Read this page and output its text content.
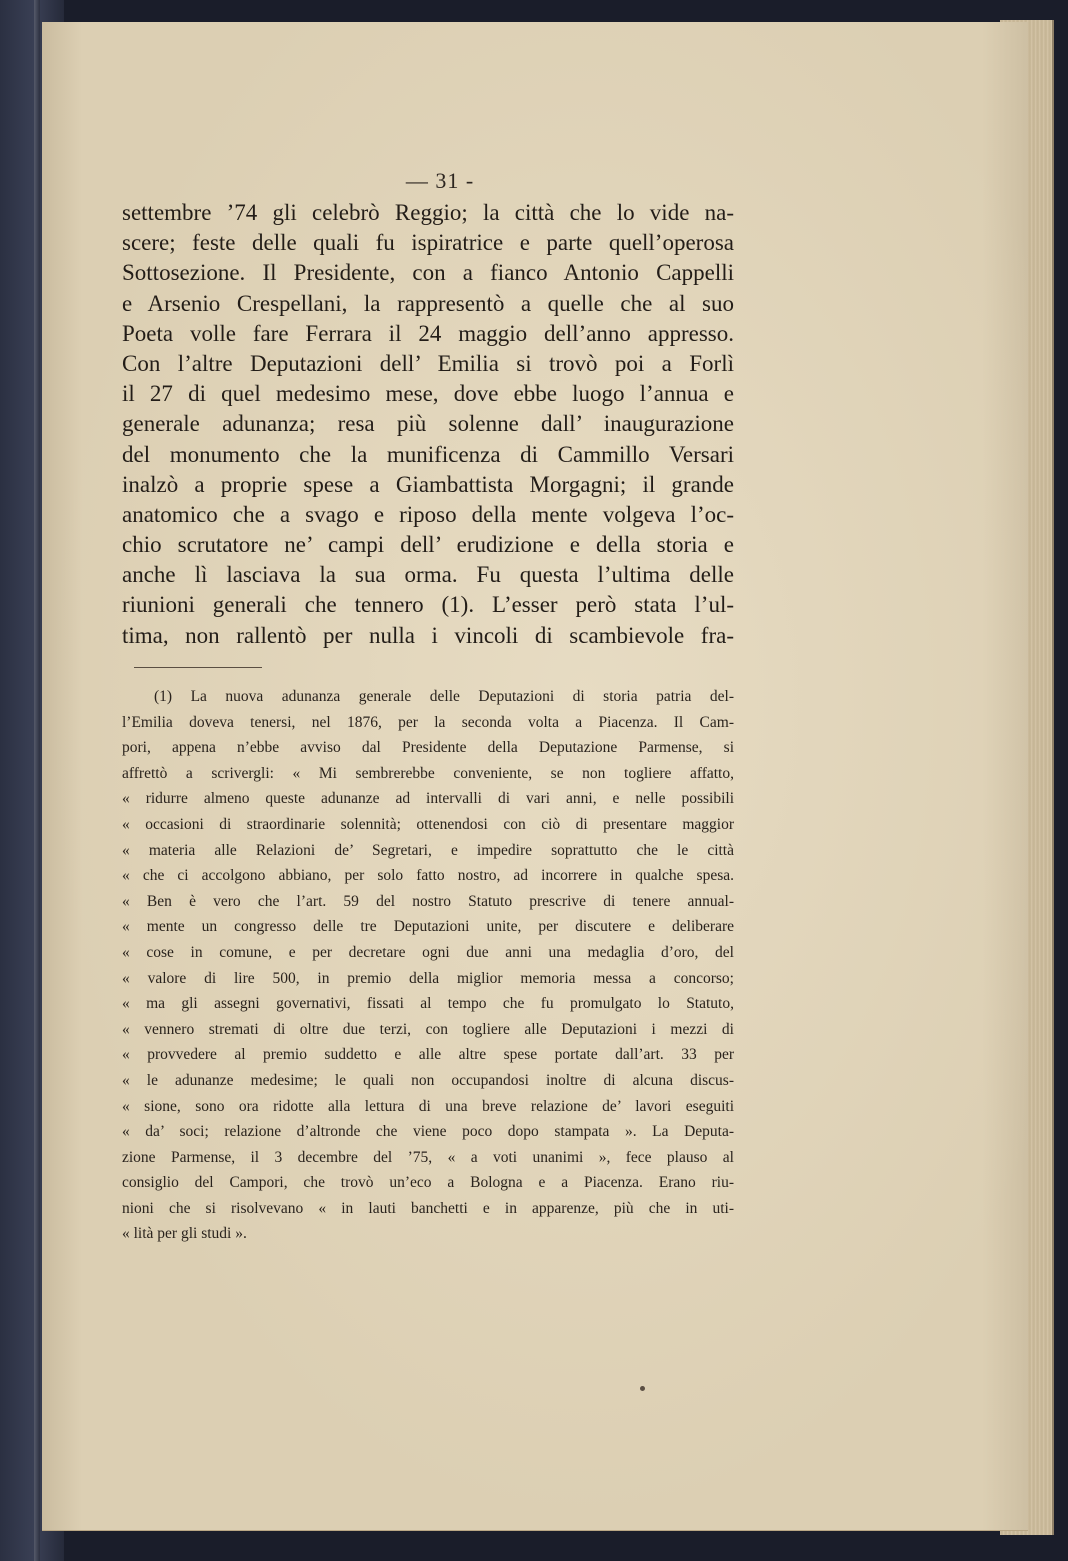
— 31 -
settembre ’74 gli celebrò Reggio; la città che lo vide na-
scere; feste delle quali fu ispiratrice e parte quell’operosa
Sottosezione. Il Presidente, con a fianco Antonio Cappelli
e Arsenio Crespellani, la rappresentò a quelle che al suo
Poeta volle fare Ferrara il 24 maggio dell’anno appresso.
Con l’altre Deputazioni dell’ Emilia si trovò poi a Forlì
il 27 di quel medesimo mese, dove ebbe luogo l’annua e
generale adunanza; resa più solenne dall’ inaugurazione
del monumento che la munificenza di Cammillo Versari
inalzò a proprie spese a Giambattista Morgagni; il grande
anatomico che a svago e riposo della mente volgeva l’oc-
chio scrutatore ne’ campi dell’ erudizione e della storia e
anche lì lasciava la sua orma. Fu questa l’ultima delle
riunioni generali che tennero (1). L’esser però stata l’ul-
tima, non rallentò per nulla i vincoli di scambievole fra-
(1) La nuova adunanza generale delle Deputazioni di storia patria del-
l’Emilia doveva tenersi, nel 1876, per la seconda volta a Piacenza. Il Cam-
pori, appena n’ebbe avviso dal Presidente della Deputazione Parmense, si
affrettò a scrivergli: « Mi sembrerebbe conveniente, se non togliere affatto,
« ridurre almeno queste adunanze ad intervalli di vari anni, e nelle possibili
« occasioni di straordinarie solennità; ottenendosi con ciò di presentare maggior
« materia alle Relazioni de’ Segretari, e impedire soprattutto che le città
« che ci accolgono abbiano, per solo fatto nostro, ad incorrere in qualche spesa.
« Ben è vero che l’art. 59 del nostro Statuto prescrive di tenere annual-
« mente un congresso delle tre Deputazioni unite, per discutere e deliberare
« cose in comune, e per decretare ogni due anni una medaglia d’oro, del
« valore di lire 500, in premio della miglior memoria messa a concorso;
« ma gli assegni governativi, fissati al tempo che fu promulgato lo Statuto,
« vennero stremati di oltre due terzi, con togliere alle Deputazioni i mezzi di
« provvedere al premio suddetto e alle altre spese portate dall’art. 33 per
« le adunanze medesime; le quali non occupandosi inoltre di alcuna discus-
« sione, sono ora ridotte alla lettura di una breve relazione de’ lavori eseguiti
« da’ soci; relazione d’altronde che viene poco dopo stampata ». La Deputa-
zione Parmense, il 3 decembre del ’75, « a voti unanimi », fece plauso al
consiglio del Campori, che trovò un’eco a Bologna e a Piacenza. Erano riu-
nioni che si risolvevano « in lauti banchetti e in apparenze, più che in uti-
« lità per gli studi ».
